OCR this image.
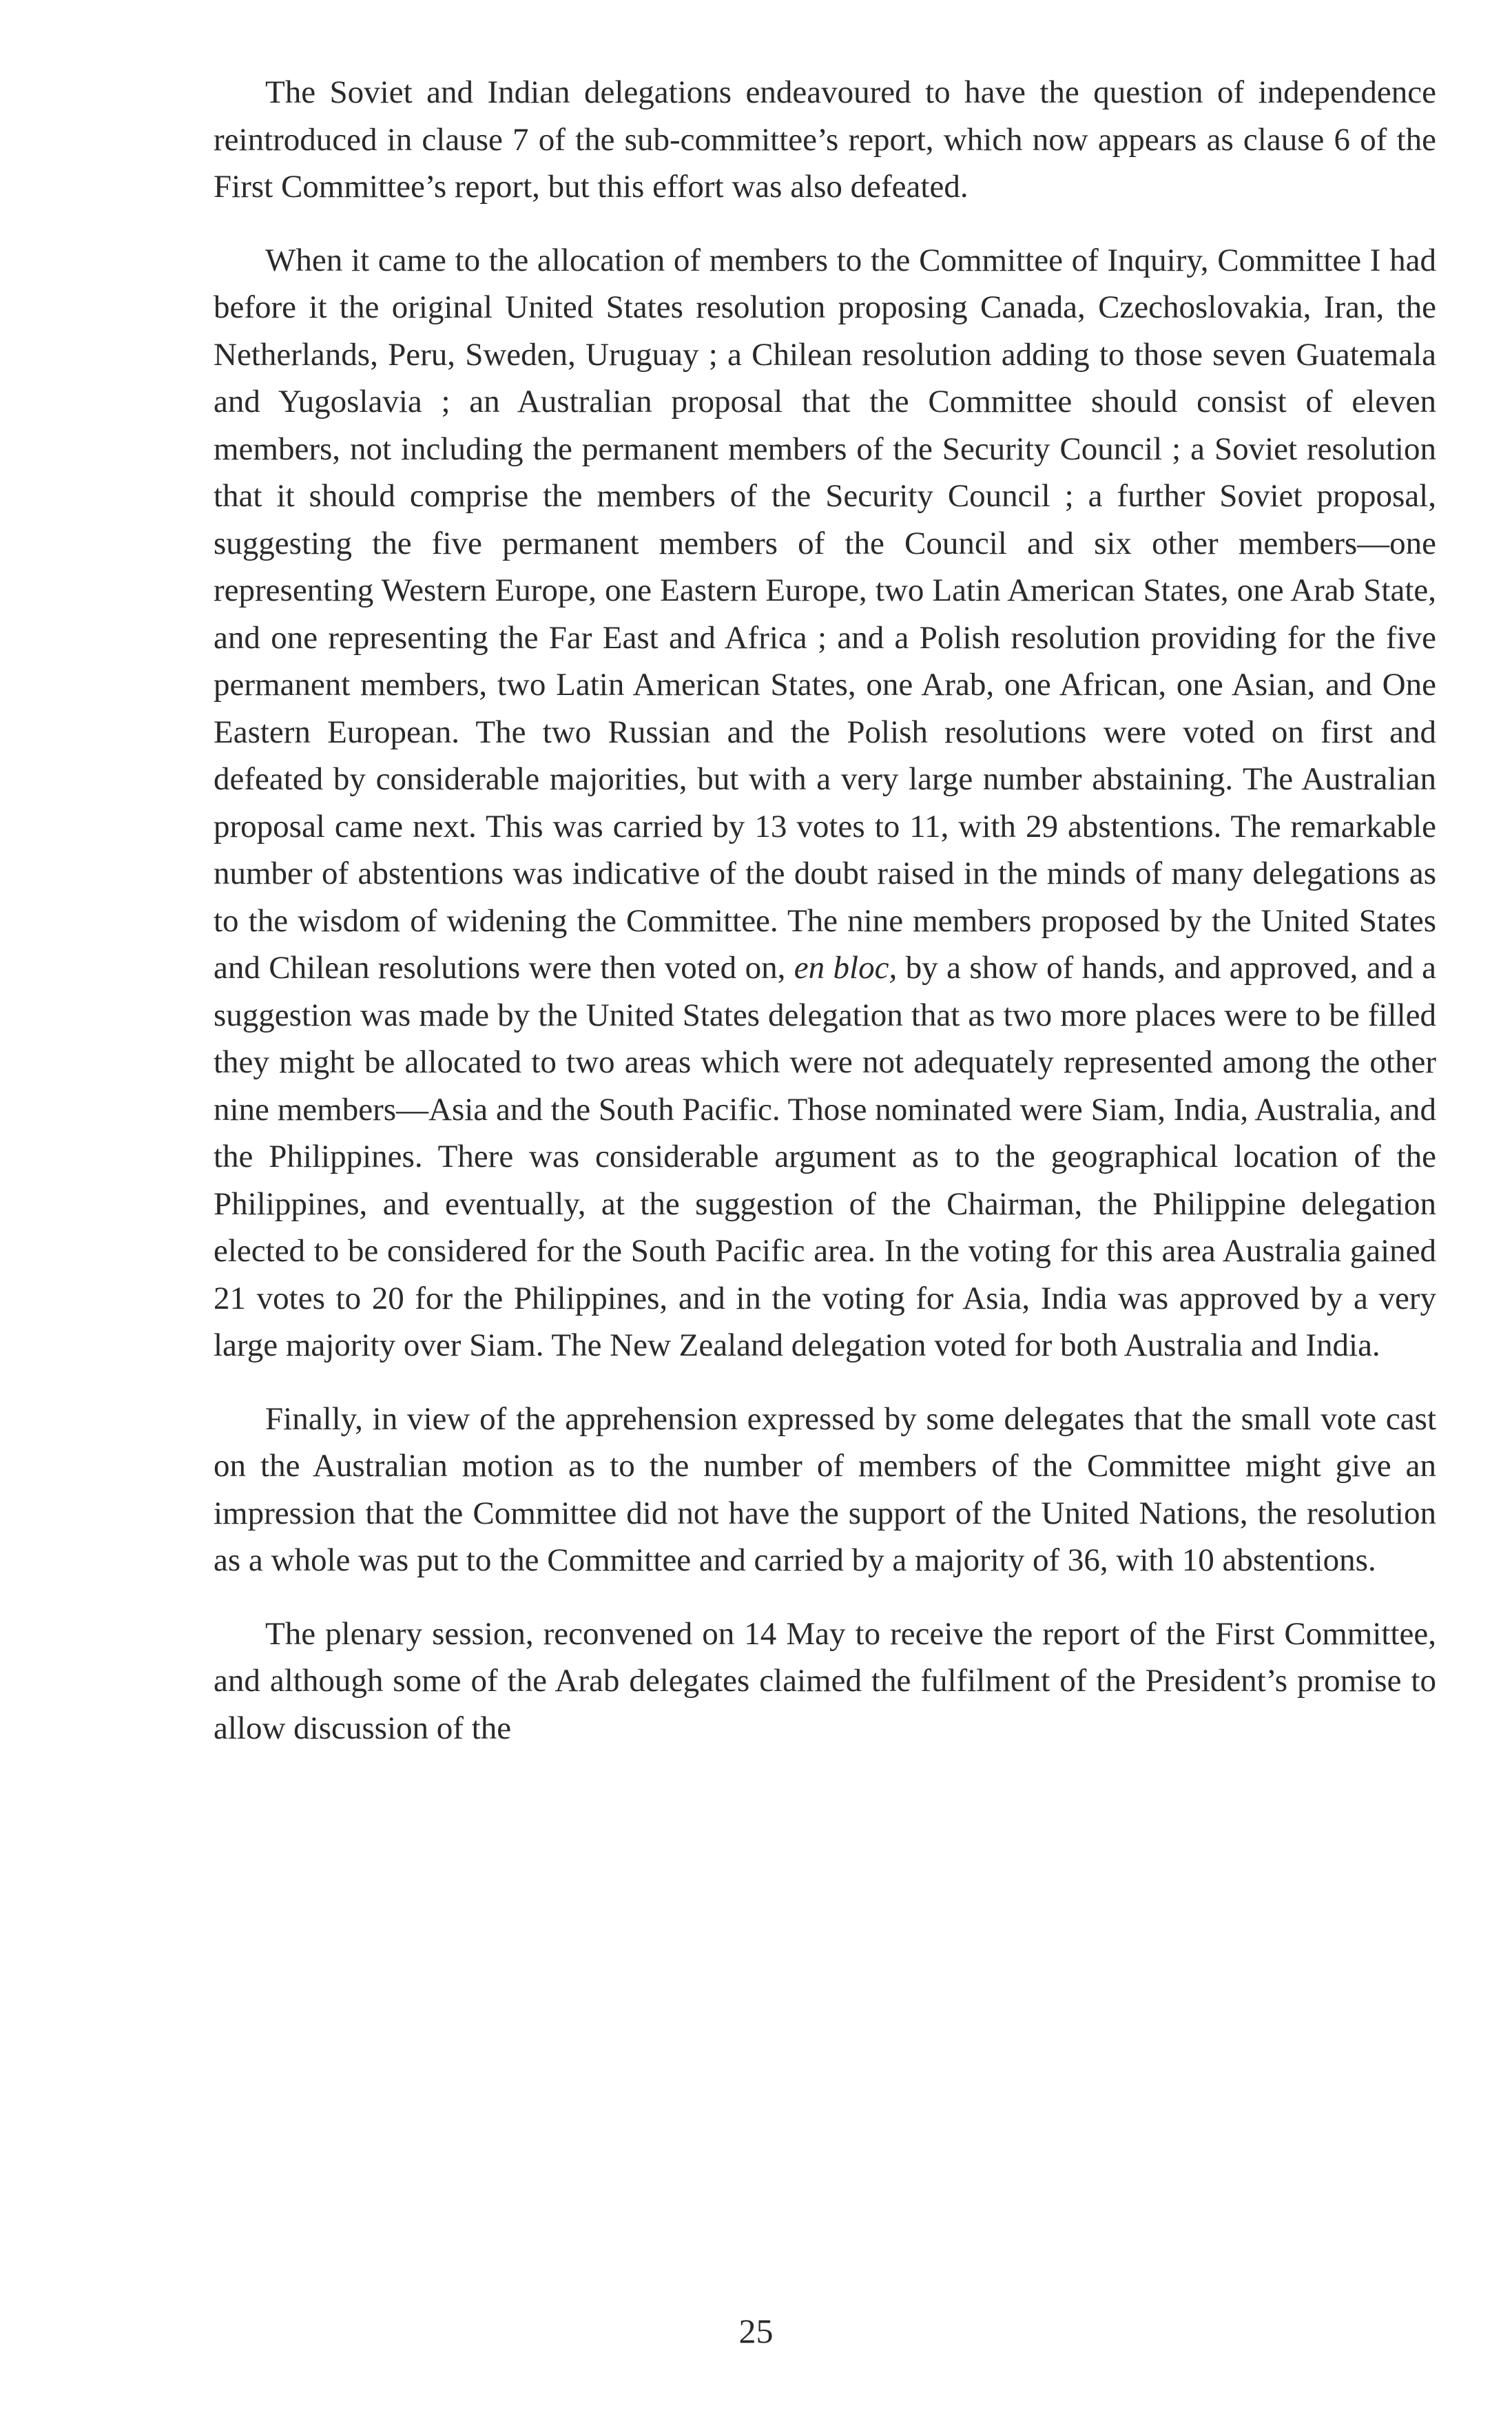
The Soviet and Indian delegations endeavoured to have the question of independence reintroduced in clause 7 of the sub-committee’s report, which now appears as clause 6 of the First Committee’s report, but this effort was also defeated.

When it came to the allocation of members to the Committee of Inquiry, Committee I had before it the original United States resolution proposing Canada, Czechoslovakia, Iran, the Netherlands, Peru, Sweden, Uruguay ; a Chilean resolution adding to those seven Guatemala and Yugoslavia ; an Australian proposal that the Committee should consist of eleven members, not including the permanent members of the Security Council ; a Soviet resolution that it should comprise the members of the Security Council ; a further Soviet proposal, suggesting the five permanent members of the Council and six other members—one representing Western Europe, one Eastern Europe, two Latin American States, one Arab State, and one representing the Far East and Africa ; and a Polish resolution providing for the five permanent members, two Latin American States, one Arab, one African, one Asian, and One Eastern European. The two Russian and the Polish resolutions were voted on first and defeated by considerable majorities, but with a very large number abstaining. The Australian proposal came next. This was carried by 13 votes to 11, with 29 abstentions. The remarkable number of abstentions was indicative of the doubt raised in the minds of many delegations as to the wisdom of widening the Committee. The nine members proposed by the United States and Chilean resolutions were then voted on, en bloc, by a show of hands, and approved, and a suggestion was made by the United States delegation that as two more places were to be filled they might be allocated to two areas which were not adequately represented among the other nine members—Asia and the South Pacific. Those nominated were Siam, India, Australia, and the Philippines. There was considerable argument as to the geographical location of the Philippines, and eventually, at the suggestion of the Chairman, the Philippine delegation elected to be considered for the South Pacific area. In the voting for this area Australia gained 21 votes to 20 for the Philippines, and in the voting for Asia, India was approved by a very large majority over Siam. The New Zealand delegation voted for both Australia and India.

Finally, in view of the apprehension expressed by some delegates that the small vote cast on the Australian motion as to the number of members of the Committee might give an impression that the Committee did not have the support of the United Nations, the resolution as a whole was put to the Committee and carried by a majority of 36, with 10 abstentions.

The plenary session, reconvened on 14 May to receive the report of the First Committee, and although some of the Arab delegates claimed the fulfilment of the President’s promise to allow discussion of the

25
